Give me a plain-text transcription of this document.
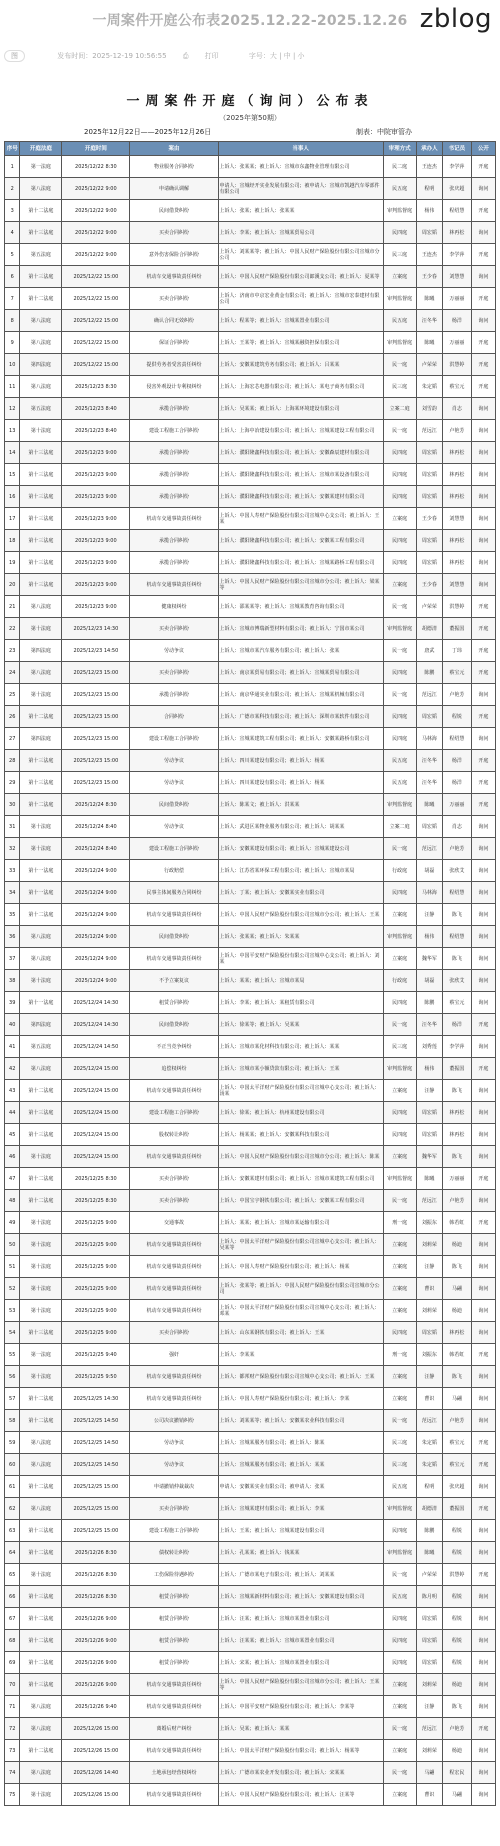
一周案件开庭公布表2025.12.22-2025.12.26 zblog
图	发布时间：2025-12-19 10:56:55 ⎙ 打印	字号：大 | 中 | 小
一周案件开庭（询问）公布表
（2025年第50期）
2025年12月22日——2025年12月26日	制表：中院审管办
序号	开庭法庭	开庭时间	案由	当事人	审理方式	承办人	书记员	公开
1	第一法庭	2025/12/22 8:30	物业服务合同纠纷	上诉人：张某某；被上诉人：宣城市东鑫物业管理有限公司	民二庭	王连杰	李学萍	开庭
2	第八法庭	2025/12/22 9:00	申请确认调解	申请人：宣城经开实业发展有限公司；被申请人：宣城市凯越汽车零部件有限公司	民五庭	程明	张庆超	询问
3	第十二法庭	2025/12/22 9:00	民间借贷纠纷	上诉人：张某；被上诉人：张某某	审判监督庭	杨伟	程绍慧	开庭
4	第十三法庭	2025/12/22 9:00	买卖合同纠纷	上诉人：李某；被上诉人：宣城某贸易公司	民四庭	周宏韬	林再松	询问
5	第五法庭	2025/12/22 9:00	意外伤害保险合同纠纷	上诉人：刘某某等；被上诉人：中国人民财产保险股份有限公司宣城市分公司	民三庭	王连杰	李学萍	开庭
6	第十三法庭	2025/12/22 15:00	机动车交通事故责任纠纷	上诉人：中国人民财产保险股份有限公司郎溪支公司；被上诉人：夏某等	立案庭	王少春	刘慧慧	询问
7	第十二法庭	2025/12/22 15:00	买卖合同纠纷	上诉人：济南市中京宏业黄金有限公司；被上诉人：宣城市宏泰建材有限公司	审判监督庭	陈曦	万丽丽	开庭
8	第八法庭	2025/12/22 15:00	确认合同无效纠纷	上诉人：程某等；被上诉人：宣城某置业有限公司	民五庭	汪冬华	杨洋	询问
9	第八法庭	2025/12/22 15:00	保证合同纠纷	上诉人：王某等；被上诉人：宣城某融资担保有限公司	审判监督庭	陈曦	万丽丽	开庭
10	第四法庭	2025/12/22 15:00	提供劳务者受害责任纠纷	上诉人：安徽某建筑劳务有限公司；被上诉人：吕某某	民一庭	卢荣荣	洪慧婷	开庭
11	第八法庭	2025/12/23 8:30	侵害外观设计专利权纠纷	上诉人：上海宏芯电器有限公司；被上诉人：某电子商务有限公司	民三庭	朱定韬	蔡宝元	开庭
12	第五法庭	2025/12/23 8:40	承揽合同纠纷	上诉人：吴某某；被上诉人：上海某环境建设有限公司	立案二庭	刘雪韵	肖志	询问
13	第十法庭	2025/12/23 8:40	建设工程施工合同纠纷	上诉人：上海中冶建设有限公司；被上诉人：宣城某建设工程有限公司	民一庭	范远江	卢艳芳	询问
14	第十三法庭	2025/12/23 9:00	承揽合同纠纷	上诉人：濮阳隆鑫科技有限公司；被上诉人：安徽森辰建材有限公司	民四庭	周宏韬	林再松	询问
15	第十三法庭	2025/12/23 9:00	承揽合同纠纷	上诉人：濮阳隆鑫科技有限公司；被上诉人：宣城市某设备有限公司	民四庭	周宏韬	林再松	询问
16	第十三法庭	2025/12/23 9:00	承揽合同纠纷	上诉人：濮阳隆鑫科技有限公司；被上诉人：安徽某建材有限公司	民四庭	周宏韬	林再松	询问
17	第十三法庭	2025/12/23 9:00	机动车交通事故责任纠纷	上诉人：中国人寿财产保险股份有限公司宣城中心支公司；被上诉人：王某	立案庭	王少春	刘慧慧	询问
18	第十三法庭	2025/12/23 9:00	承揽合同纠纷	上诉人：濮阳隆鑫科技有限公司；被上诉人：安徽某工程有限公司	民四庭	周宏韬	林再松	询问
19	第十三法庭	2025/12/23 9:00	承揽合同纠纷	上诉人：濮阳隆鑫科技有限公司；被上诉人：宣城某路桥工程有限公司	民四庭	周宏韬	林再松	询问
20	第十三法庭	2025/12/23 9:00	机动车交通事故责任纠纷	上诉人：中国人民财产保险股份有限公司宣城市分公司；被上诉人：梁某等	立案庭	王少春	刘慧慧	询问
21	第八法庭	2025/12/23 9:00	健康权纠纷	上诉人：邵某某等；被上诉人：宣城某教育咨询有限公司	民一庭	卢荣荣	洪慧婷	开庭
22	第十法庭	2025/12/23 14:30	买卖合同纠纷	上诉人：宣城市博瑞新型材料有限公司；被上诉人：宁国市某公司	审判监督庭	胡德清	董振国	开庭
23	第四法庭	2025/12/23 14:50	劳动争议	上诉人：宣城市某汽车服务有限公司；被上诉人：张某	民一庭	唐武	丁玮	开庭
24	第八法庭	2025/12/23 15:00	买卖合同纠纷	上诉人：南京某贸易有限公司；被上诉人：宣城某贸易有限公司	民四庭	陈鹏	蔡宝元	开庭
25	第十法庭	2025/12/23 15:00	承揽合同纠纷	上诉人：南京华通实业有限公司；被上诉人：宣城某机械有限公司	民一庭	范远江	卢艳芳	询问
26	第十二法庭	2025/12/23 15:00	合同纠纷	上诉人：广德市某科技有限公司；被上诉人：深圳市某软件有限公司	民四庭	周宏韬	程锐	开庭
27	第四法庭	2025/12/23 15:00	建设工程施工合同纠纷	上诉人：宣城某建筑工程有限公司；被上诉人：安徽某路桥有限公司	民四庭	马林海	程绍慧	询问
28	第十三法庭	2025/12/23 15:00	劳动争议	上诉人：四川某建设有限公司；被上诉人：杨某	民五庭	汪冬华	杨洋	开庭
29	第十三法庭	2025/12/23 15:00	劳动争议	上诉人：四川某建设有限公司；被上诉人：杨某	民五庭	汪冬华	杨洋	开庭
30	第十二法庭	2025/12/24 8:30	民间借贷纠纷	上诉人：陈某文；被上诉人：洪某某	审判监督庭	陈曦	万丽丽	开庭
31	第十法庭	2025/12/24 8:40	劳动争议	上诉人：武进区某物业服务有限公司；被上诉人：胡某某	立案二庭	周宏韬	肖志	询问
32	第十法庭	2025/12/24 8:40	建设工程施工合同纠纷	上诉人：安徽某建设有限公司；被上诉人：宣城某建设公司	民一庭	范远江	卢艳芳	询问
33	第十一法庭	2025/12/24 9:00	行政赔偿	上诉人：江苏省某环保工程有限公司；被上诉人：宣城市某局	行政庭	胡磊	张欣艾	询问
34	第十一法庭	2025/12/24 9:00	民事主体间服务合同纠纷	上诉人：丁某；被上诉人：安徽某实业有限公司	民四庭	马林海	程绍慧	询问
35	第十二法庭	2025/12/24 9:00	机动车交通事故责任纠纷	上诉人：中国人民财产保险股份有限公司宣城市分公司；被上诉人：王某	立案庭	汪静	陈飞	询问
36	第八法庭	2025/12/24 9:00	民间借贷纠纷	上诉人：张某某；被上诉人：朱某某	审判监督庭	杨伟	程绍慧	询问
37	第八法庭	2025/12/24 9:00	机动车交通事故责任纠纷	上诉人：中国平安财产保险股份有限公司宣城中心支公司；被上诉人：刘某	立案庭	魏华军	陈飞	询问
38	第十法庭	2025/12/24 9:00	不予立案复议	上诉人：某某；被上诉人：宣城市某局	行政庭	胡磊	张欣艾	询问
39	第十一法庭	2025/12/24 14:30	租赁合同纠纷	上诉人：李某；被上诉人：某租赁有限公司	民四庭	陈鹏	蔡宝元	询问
40	第四法庭	2025/12/24 14:30	民间借贷纠纷	上诉人：徐某等；被上诉人：吴某某	民一庭	汪冬华	杨洋	开庭
41	第五法庭	2025/12/24 14:50	不正当竞争纠纷	上诉人：宣城市某化材科技有限公司；被上诉人：某某	民三庭	刘秀莲	李学萍	询问
42	第八法庭	2025/12/24 15:00	追偿权纠纷	上诉人：宣城市某小额贷款有限公司；被上诉人：王某	审判监督庭	杨伟	董振国	开庭
43	第十二法庭	2025/12/24 15:00	机动车交通事故责任纠纷	上诉人：中国太平洋财产保险股份有限公司宣城中心支公司；被上诉人：汤某	立案庭	汪静	陈飞	询问
44	第十三法庭	2025/12/24 15:00	建设工程施工合同纠纷	上诉人：徐某；被上诉人：杭州某建设有限公司	民四庭	周宏韬	林再松	询问
45	第十三法庭	2025/12/24 15:00	股权转让纠纷	上诉人：杨某某；被上诉人：安徽某科技有限公司	民四庭	周宏韬	林再松	询问
46	第十法庭	2025/12/24 15:00	机动车交通事故责任纠纷	上诉人：中国人民财产保险股份有限公司宣城市分公司；被上诉人：陈某	立案庭	魏华军	陈飞	询问
47	第十二法庭	2025/12/25 8:30	买卖合同纠纷	上诉人：安徽某建材有限公司；被上诉人：宣城市某建筑工程有限公司	审判监督庭	陈曦	万丽丽	开庭
48	第十二法庭	2025/12/25 8:30	买卖合同纠纷	上诉人：中国宝宇钢铁有限公司；被上诉人：安徽某工程有限公司	民一庭	范远江	卢艳芳	询问
49	第十法庭	2025/12/25 9:00	交通事故	上诉人：某某；被上诉人：宣城市某运输有限公司	刑一庭	刘振东	韩若虹	开庭
50	第十法庭	2025/12/25 9:00	机动车交通事故责任纠纷	上诉人：中国太平洋财产保险股份有限公司宣城中心支公司；被上诉人：吴某等	立案庭	刘莉荣	杨迪	询问
51	第十法庭	2025/12/25 9:00	机动车交通事故责任纠纷	上诉人：中国人寿财产保险股份有限公司；被上诉人：杨某	立案庭	汪静	陈飞	询问
52	第十法庭	2025/12/25 9:00	机动车交通事故责任纠纷	上诉人：张某等；被上诉人：中国人民财产保险股份有限公司宣城市分公司	立案庭	曹识	马翩	询问
53	第十法庭	2025/12/25 9:00	机动车交通事故责任纠纷	上诉人：中国太平洋财产保险股份有限公司宣城中心支公司；被上诉人：邓某	立案庭	刘莉荣	杨迪	询问
54	第十三法庭	2025/12/25 9:00	买卖合同纠纷	上诉人：山东某钢铁有限公司；被上诉人：王某	民四庭	周宏韬	林再松	询问
55	第一法庭	2025/12/25 9:40	强奸	上诉人：李某某	刑一庭	刘振东	韩若虹	开庭
56	第十法庭	2025/12/25 9:50	机动车交通事故责任纠纷	上诉人：都邦财产保险股份有限公司宣城中心支公司；被上诉人：王某	立案庭	汪静	陈飞	询问
57	第十二法庭	2025/12/25 14:30	机动车交通事故责任纠纷	上诉人：中国人寿财产保险股份有限公司；被上诉人：李某	立案庭	曹识	马翩	询问
58	第十二法庭	2025/12/25 14:50	公司决议撤销纠纷	上诉人：刘某某等；被上诉人：安徽某农业科技有限公司	民一庭	范远江	卢艳芳	询问
59	第八法庭	2025/12/25 14:50	劳动争议	上诉人：宣城某服务有限公司；被上诉人：陈某	民三庭	朱定韬	蔡宝元	开庭
60	第八法庭	2025/12/25 14:50	劳动争议	上诉人：宣城某服务有限公司；被上诉人：某某	民三庭	朱定韬	蔡宝元	开庭
61	第十二法庭	2025/12/25 15:00	申请撤销仲裁裁决	申请人：安徽某实业有限公司；被申请人：张某	民五庭	程明	张庆超	询问
62	第八法庭	2025/12/25 15:00	买卖合同纠纷	上诉人：宣城某建材有限公司；被上诉人：李某	审判监督庭	胡德清	董振国	开庭
63	第十三法庭	2025/12/25 15:00	建设工程施工合同纠纷	上诉人：王某；被上诉人：宣城某建设有限公司	民四庭	陈鹏	程锐	询问
64	第十二法庭	2025/12/26 8:30	债权转让纠纷	上诉人：孔某某；被上诉人：钱某某	审判监督庭	陈曦	程锐	询问
65	第十法庭	2025/12/26 8:30	工伤保险待遇纠纷	上诉人：广德市某电子有限公司；被上诉人：刘某某	民一庭	卢荣荣	洪慧婷	开庭
66	第十三法庭	2025/12/26 8:30	租赁合同纠纷	上诉人：宣城某新材料有限公司；被上诉人：安徽某建设有限公司	民五庭	陈月明	程锐	询问
67	第十二法庭	2025/12/26 9:00	租赁合同纠纷	上诉人：汪某；被上诉人：宣城市某置业有限公司	民四庭	周宏韬	程锐	询问
68	第十二法庭	2025/12/26 9:00	租赁合同纠纷	上诉人：汪某某；被上诉人：宣城市某置业有限公司	民四庭	周宏韬	程锐	询问
69	第十二法庭	2025/12/26 9:00	租赁合同纠纷	上诉人：宋某；被上诉人：宣城市某置业有限公司	民四庭	周宏韬	程锐	询问
70	第十三法庭	2025/12/26 9:00	机动车交通事故责任纠纷	上诉人：中国人民财产保险股份有限公司宣城市分公司；被上诉人：王某等	立案庭	刘莉荣	杨迪	询问
71	第八法庭	2025/12/26 9:40	机动车交通事故责任纠纷	上诉人：中国平安财产保险股份有限公司；被上诉人：李某等	立案庭	汪静	陈飞	询问
72	第八法庭	2025/12/26 15:00	离婚后财产纠纷	上诉人：吴某；被上诉人：某某	民一庭	范远江	卢艳芳	开庭
73	第十二法庭	2025/12/26 15:00	机动车交通事故责任纠纷	上诉人：中国太平洋财产保险股份有限公司；被上诉人：杨某等	立案庭	刘莉荣	杨迪	询问
74	第八法庭	2025/12/26 14:40	土地承包经营权纠纷	上诉人：广德市某农业开发有限公司；被上诉人：宋某某	民一庭	马翩	程宏民	询问
75	第十法庭	2025/12/26 15:00	机动车交通事故责任纠纷	上诉人：中国人民财产保险股份有限公司；被上诉人：汪某等	立案庭	曹识	马翩	询问
